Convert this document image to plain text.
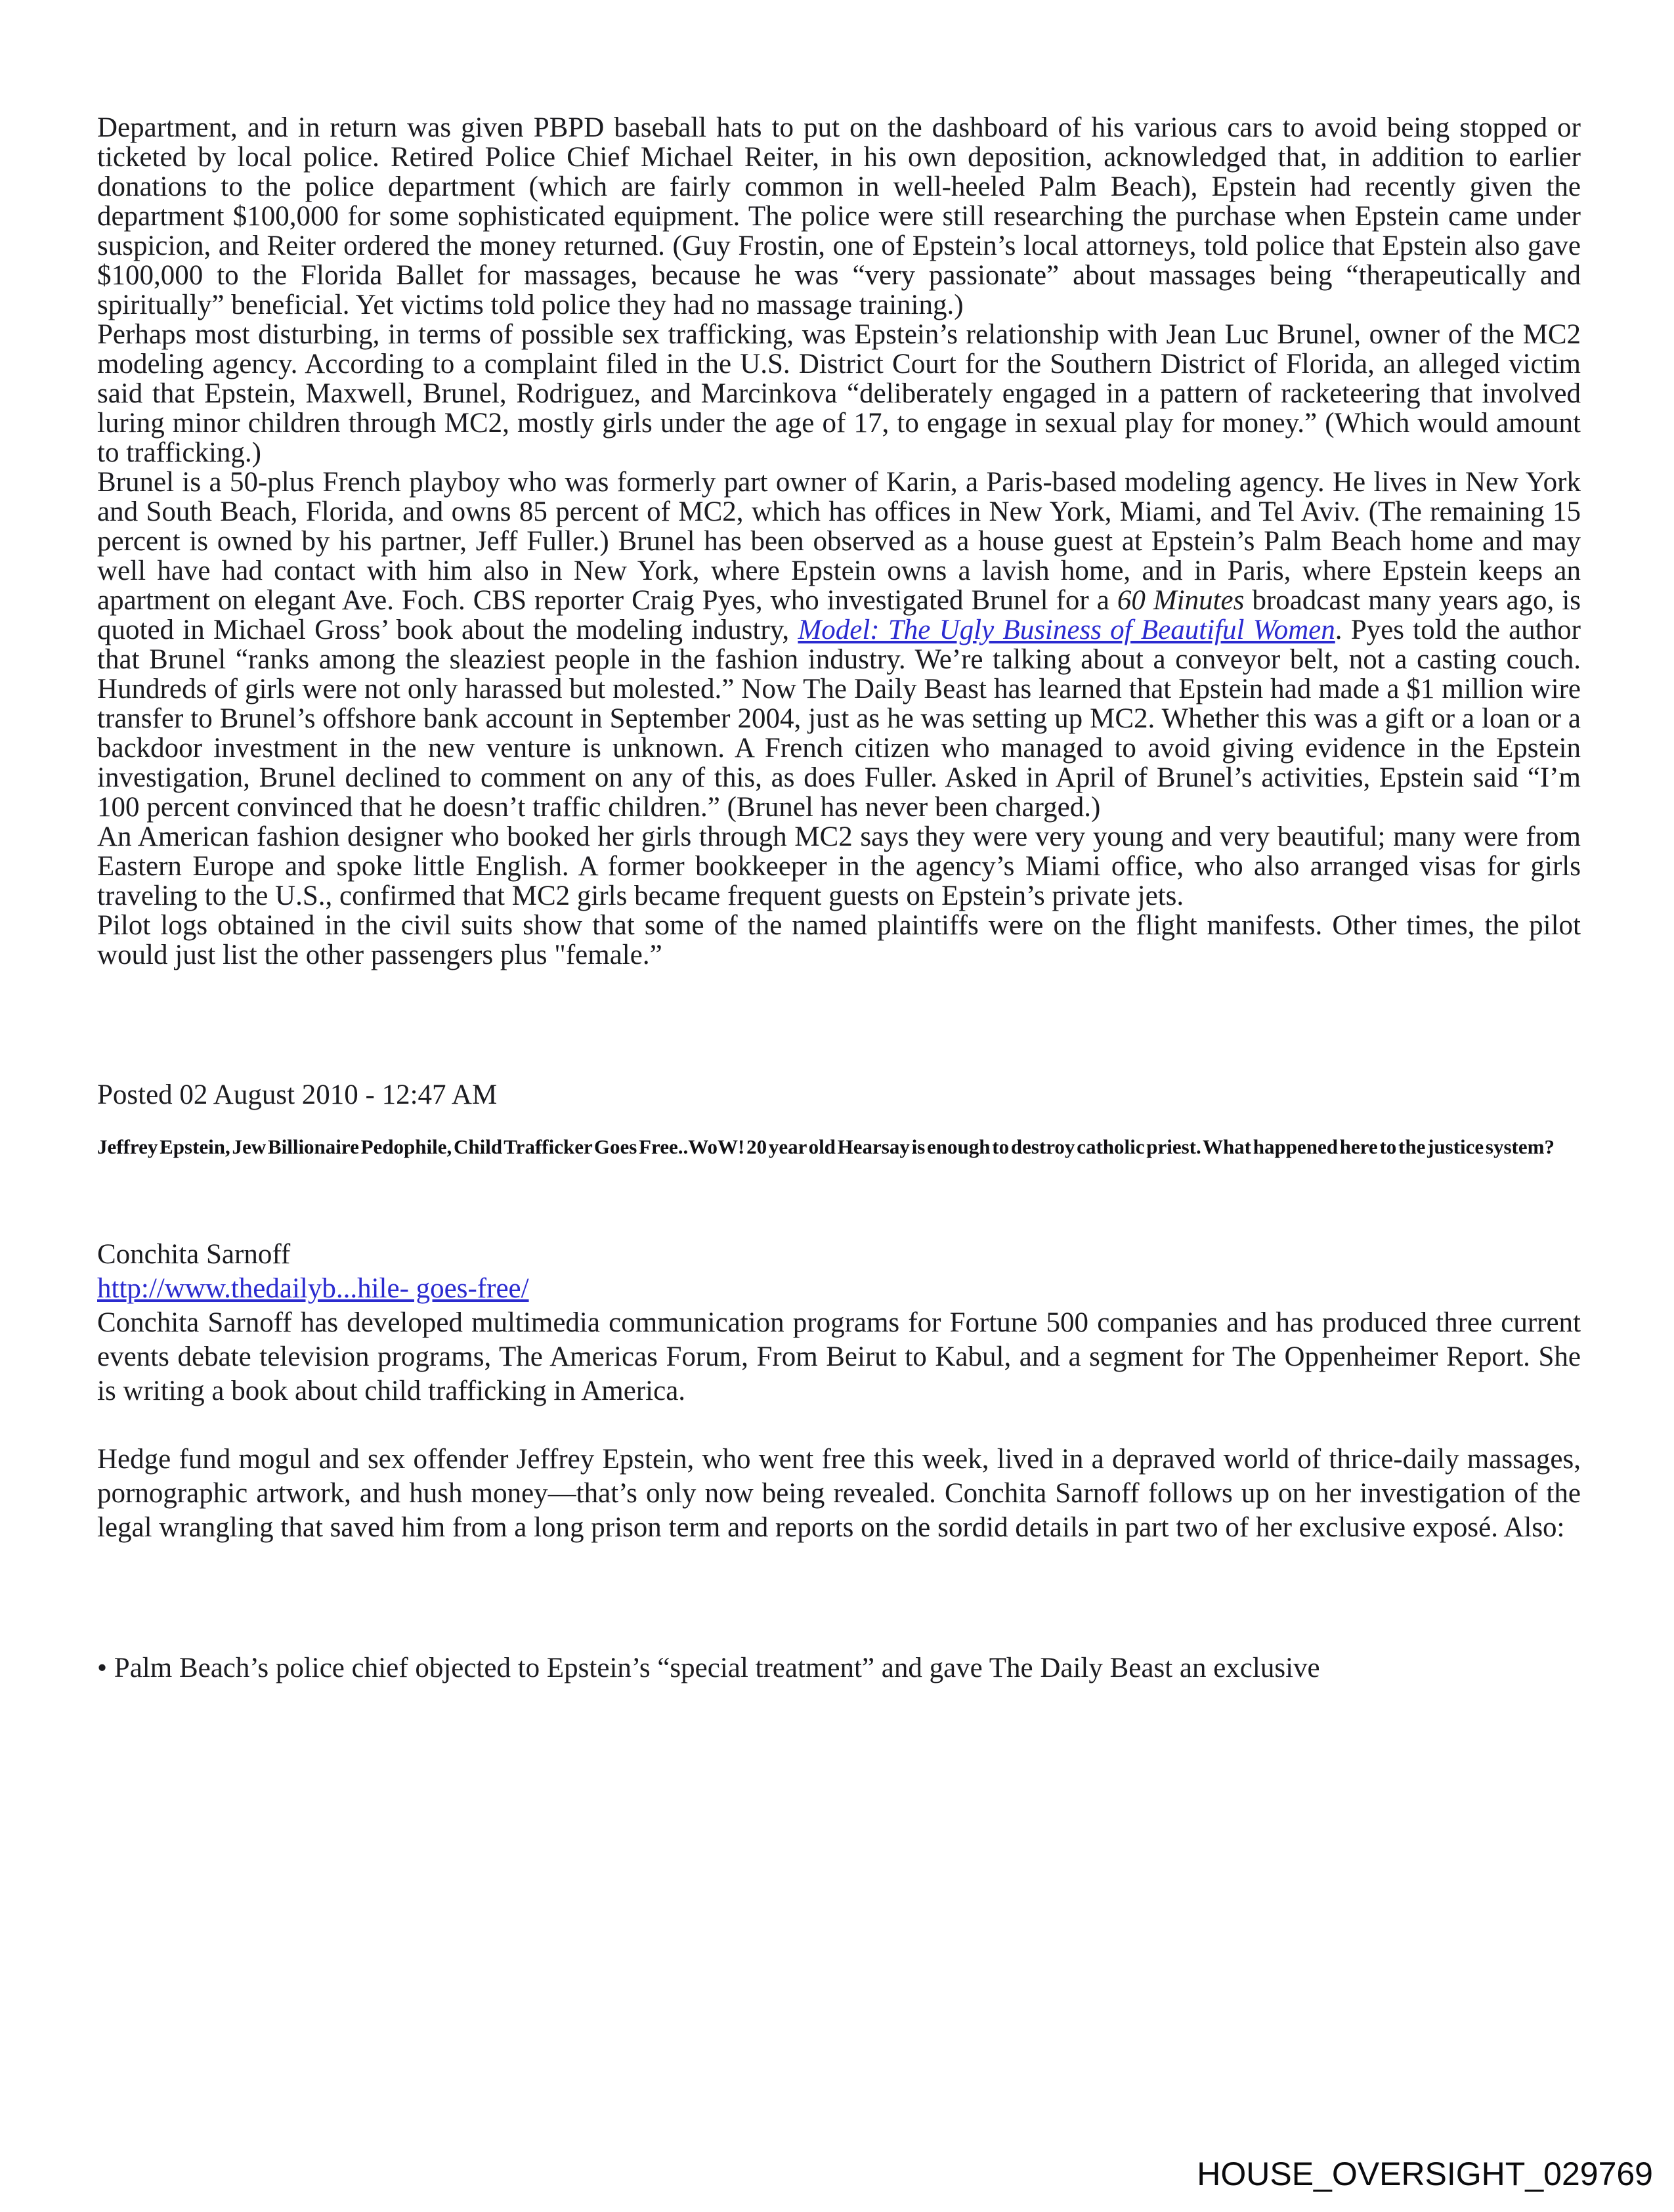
Department, and in return was given PBPD baseball hats to put on the dashboard of his various cars to avoid being stopped or ticketed by local police. Retired Police Chief Michael Reiter, in his own deposition, acknowledged that, in addition to earlier donations to the police department (which are fairly common in well-heeled Palm Beach), Epstein had recently given the department $100,000 for some sophisticated equipment. The police were still researching the purchase when Epstein came under suspicion, and Reiter ordered the money returned. (Guy Frostin, one of Epstein’s local attorneys, told police that Epstein also gave $100,000 to the Florida Ballet for massages, because he was “very passionate” about massages being “therapeutically and spiritually” beneficial. Yet victims told police they had no massage training.)

Perhaps most disturbing, in terms of possible sex trafficking, was Epstein’s relationship with Jean Luc Brunel, owner of the MC2 modeling agency. According to a complaint filed in the U.S. District Court for the Southern District of Florida, an alleged victim said that Epstein, Maxwell, Brunel, Rodriguez, and Marcinkova “deliberately engaged in a pattern of racketeering that involved luring minor children through MC2, mostly girls under the age of 17, to engage in sexual play for money.” (Which would amount to trafficking.)

Brunel is a 50-plus French playboy who was formerly part owner of Karin, a Paris-based modeling agency. He lives in New York and South Beach, Florida, and owns 85 percent of MC2, which has offices in New York, Miami, and Tel Aviv. (The remaining 15 percent is owned by his partner, Jeff Fuller.) Brunel has been observed as a house guest at Epstein’s Palm Beach home and may well have had contact with him also in New York, where Epstein owns a lavish home, and in Paris, where Epstein keeps an apartment on elegant Ave. Foch. CBS reporter Craig Pyes, who investigated Brunel for a 60 Minutes broadcast many years ago, is quoted in Michael Gross’ book about the modeling industry, Model: The Ugly Business of Beautiful Women. Pyes told the author that Brunel “ranks among the sleaziest people in the fashion industry. We’re talking about a conveyor belt, not a casting couch. Hundreds of girls were not only harassed but molested.” Now The Daily Beast has learned that Epstein had made a $1 million wire transfer to Brunel’s offshore bank account in September 2004, just as he was setting up MC2. Whether this was a gift or a loan or a backdoor investment in the new venture is unknown. A French citizen who managed to avoid giving evidence in the Epstein investigation, Brunel declined to comment on any of this, as does Fuller. Asked in April of Brunel’s activities, Epstein said “I’m 100 percent convinced that he doesn’t traffic children.” (Brunel has never been charged.)

An American fashion designer who booked her girls through MC2 says they were very young and very beautiful; many were from Eastern Europe and spoke little English. A former bookkeeper in the agency’s Miami office, who also arranged visas for girls traveling to the U.S., confirmed that MC2 girls became frequent guests on Epstein’s private jets.

Pilot logs obtained in the civil suits show that some of the named plaintiffs were on the flight manifests. Other times, the pilot would just list the other passengers plus "female.”

Posted 02 August 2010 - 12:47 AM

Jeffrey Epstein, Jew Billionaire Pedophile, Child Trafficker Goes Free..WoW! 20 year old Hearsay is enough to destroy catholic priest. What happened here to the justice system?

Conchita Sarnoff

http://www.thedailyb...hile- goes-free/

Conchita Sarnoff has developed multimedia communication programs for Fortune 500 companies and has produced three current events debate television programs, The Americas Forum, From Beirut to Kabul, and a segment for The Oppenheimer Report. She is writing a book about child trafficking in America.

Hedge fund mogul and sex offender Jeffrey Epstein, who went free this week, lived in a depraved world of thrice-daily massages, pornographic artwork, and hush money—that’s only now being revealed. Conchita Sarnoff follows up on her investigation of the legal wrangling that saved him from a long prison term and reports on the sordid details in part two of her exclusive exposé. Also:

• Palm Beach’s police chief objected to Epstein’s “special treatment” and gave The Daily Beast an exclusive

HOUSE_OVERSIGHT_029769
